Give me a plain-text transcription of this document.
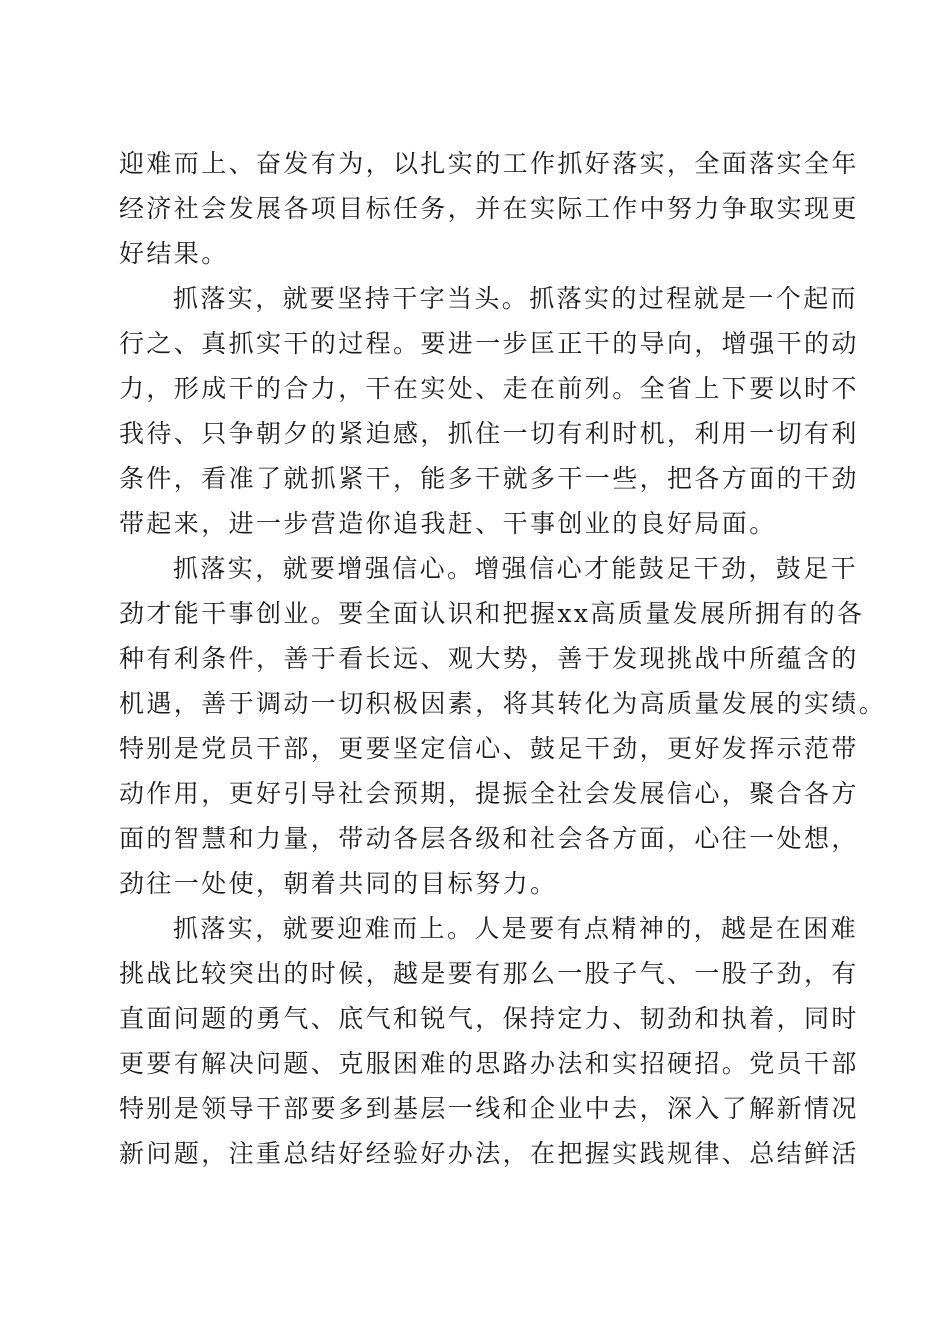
迎难而上、奋发有为，以扎实的工作抓好落实，全面落实全年
经济社会发展各项目标任务，并在实际工作中努力争取实现更
好结果。
抓落实，就要坚持干字当头。抓落实的过程就是一个起而
行之、真抓实干的过程。要进一步匡正干的导向，增强干的动
力，形成干的合力，干在实处、走在前列。全省上下要以时不
我待、只争朝夕的紧迫感，抓住一切有利时机，利用一切有利
条件，看准了就抓紧干，能多干就多干一些，把各方面的干劲
带起来，进一步营造你追我赶、干事创业的良好局面。
抓落实，就要增强信心。增强信心才能鼓足干劲，鼓足干
劲才能干事创业。要全面认识和把握xx高质量发展所拥有的各
种有利条件，善于看长远、观大势，善于发现挑战中所蕴含的
机遇，善于调动一切积极因素，将其转化为高质量发展的实绩。
特别是党员干部，更要坚定信心、鼓足干劲，更好发挥示范带
动作用，更好引导社会预期，提振全社会发展信心，聚合各方
面的智慧和力量，带动各层各级和社会各方面，心往一处想，
劲往一处使，朝着共同的目标努力。
抓落实，就要迎难而上。人是要有点精神的，越是在困难
挑战比较突出的时候，越是要有那么一股子气、一股子劲，有
直面问题的勇气、底气和锐气，保持定力、韧劲和执着，同时
更要有解决问题、克服困难的思路办法和实招硬招。党员干部
特别是领导干部要多到基层一线和企业中去，深入了解新情况
新问题，注重总结好经验好办法，在把握实践规律、总结鲜活
